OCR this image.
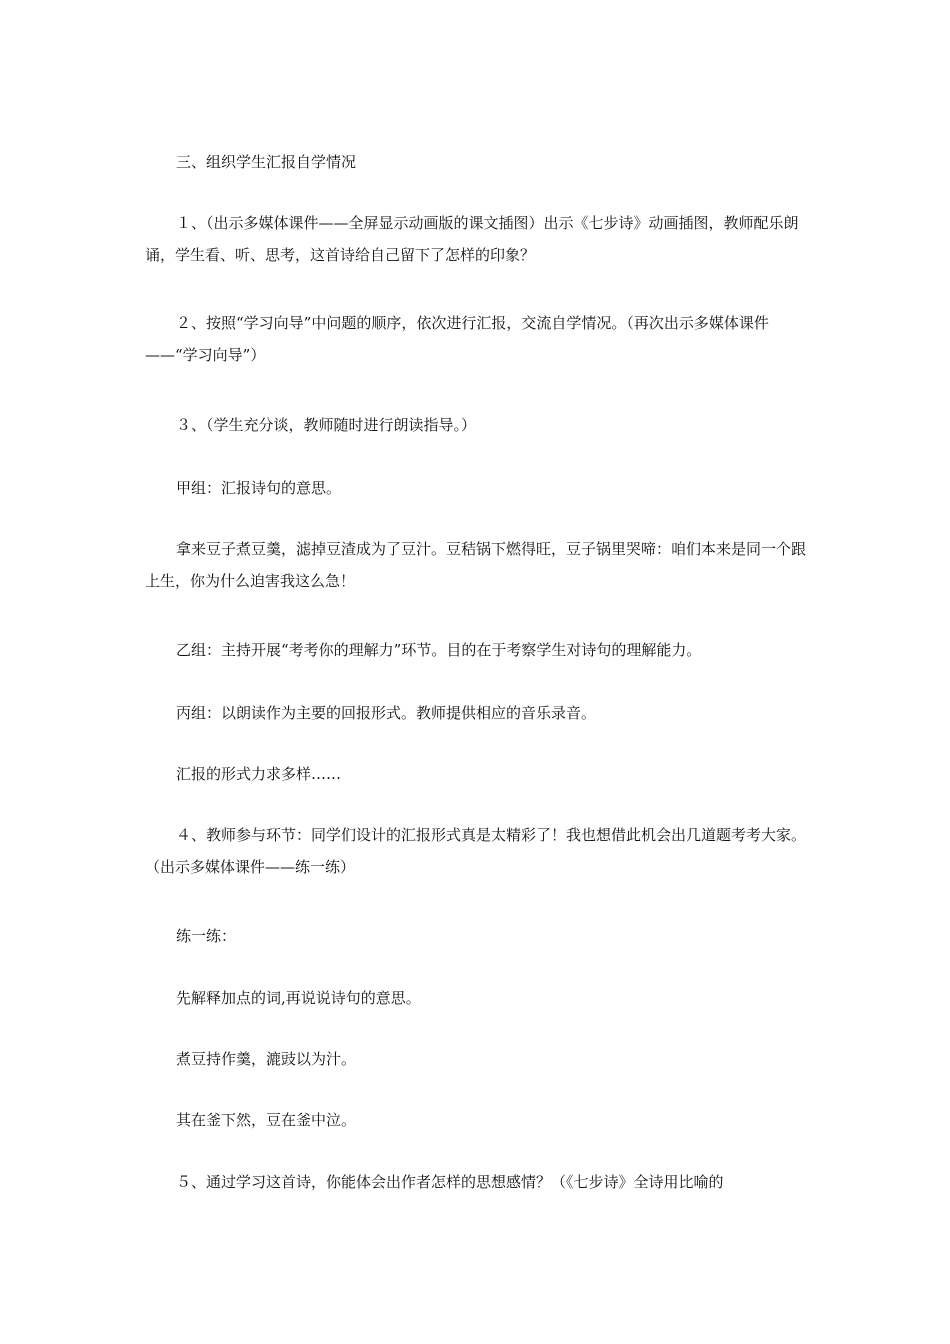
三、组织学生汇报自学情况

１、（出示多媒体课件——全屏显示动画版的课文插图）出示《七步诗》动画插图，教师配乐朗诵，学生看、听、思考，这首诗给自己留下了怎样的印象？

２、按照“学习向导”中问题的顺序，依次进行汇报，交流自学情况。（再次出示多媒体课件——“学习向导”）

３、（学生充分谈，教师随时进行朗读指导。）

甲组：汇报诗句的意思。

拿来豆子煮豆羹，滤掉豆渣成为了豆汁。豆秸锅下燃得旺，豆子锅里哭啼：咱们本来是同一个跟上生，你为什么迫害我这么急！

乙组：主持开展“考考你的理解力”环节。目的在于考察学生对诗句的理解能力。

丙组：以朗读作为主要的回报形式。教师提供相应的音乐录音。

汇报的形式力求多样……

４、教师参与环节：同学们设计的汇报形式真是太精彩了！我也想借此机会出几道题考考大家。（出示多媒体课件——练一练）

练一练：

先解释加点的词,再说说诗句的意思。

煮豆持作羹，漉豉以为汁。

其在釜下然，豆在釜中泣。

５、通过学习这首诗，你能体会出作者怎样的思想感情？（《七步诗》全诗用比喻的
